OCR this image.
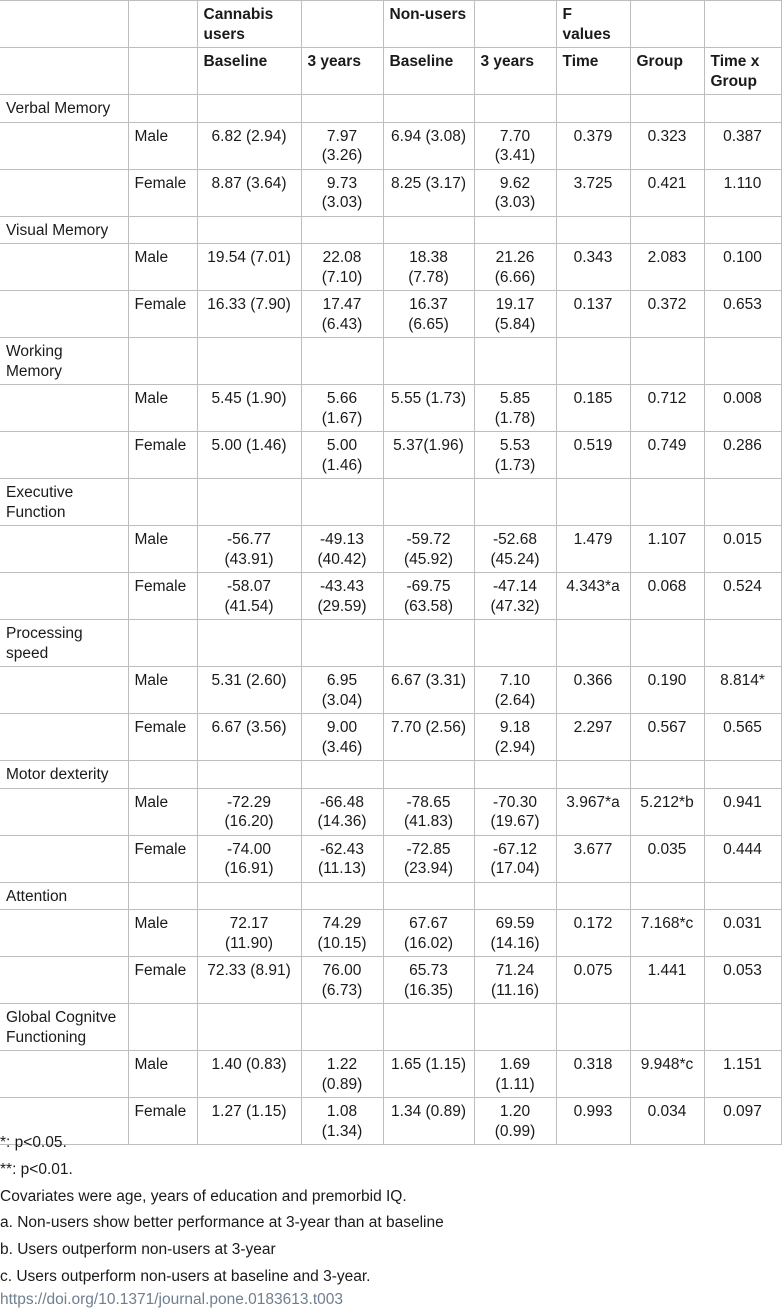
		Cannabis users		Non-users		F values		
		Baseline	3 years	Baseline	3 years	Time	Group	Time x Group
Verbal Memory								
	Male	6.82 (2.94)	7.97 (3.26)	6.94 (3.08)	7.70 (3.41)	0.379	0.323	0.387
	Female	8.87 (3.64)	9.73 (3.03)	8.25 (3.17)	9.62 (3.03)	3.725	0.421	1.110
Visual Memory								
	Male	19.54 (7.01)	22.08 (7.10)	18.38 (7.78)	21.26 (6.66)	0.343	2.083	0.100
	Female	16.33 (7.90)	17.47 (6.43)	16.37 (6.65)	19.17 (5.84)	0.137	0.372	0.653
Working Memory								
	Male	5.45 (1.90)	5.66 (1.67)	5.55 (1.73)	5.85 (1.78)	0.185	0.712	0.008
	Female	5.00 (1.46)	5.00 (1.46)	5.37(1.96)	5.53 (1.73)	0.519	0.749	0.286
Executive Function								
	Male	-56.77 (43.91)	-49.13 (40.42)	-59.72 (45.92)	-52.68 (45.24)	1.479	1.107	0.015
	Female	-58.07 (41.54)	-43.43 (29.59)	-69.75 (63.58)	-47.14 (47.32)	4.343*a	0.068	0.524
Processing speed								
	Male	5.31 (2.60)	6.95 (3.04)	6.67 (3.31)	7.10 (2.64)	0.366	0.190	8.814*
	Female	6.67 (3.56)	9.00 (3.46)	7.70 (2.56)	9.18 (2.94)	2.297	0.567	0.565
Motor dexterity								
	Male	-72.29 (16.20)	-66.48 (14.36)	-78.65 (41.83)	-70.30 (19.67)	3.967*a	5.212*b	0.941
	Female	-74.00 (16.91)	-62.43 (11.13)	-72.85 (23.94)	-67.12 (17.04)	3.677	0.035	0.444
Attention								
	Male	72.17 (11.90)	74.29 (10.15)	67.67 (16.02)	69.59 (14.16)	0.172	7.168*c	0.031
	Female	72.33 (8.91)	76.00 (6.73)	65.73 (16.35)	71.24 (11.16)	0.075	1.441	0.053
Global Cognitve Functioning								
	Male	1.40 (0.83)	1.22 (0.89)	1.65 (1.15)	1.69 (1.11)	0.318	9.948*c	1.151
	Female	1.27 (1.15)	1.08 (1.34)	1.34 (0.89)	1.20 (0.99)	0.993	0.034	0.097
*: p<0.05.
**: p<0.01.
Covariates were age, years of education and premorbid IQ.
a. Non-users show better performance at 3-year than at baseline
b. Users outperform non-users at 3-year
c. Users outperform non-users at baseline and 3-year.
https://doi.org/10.1371/journal.pone.0183613.t003
